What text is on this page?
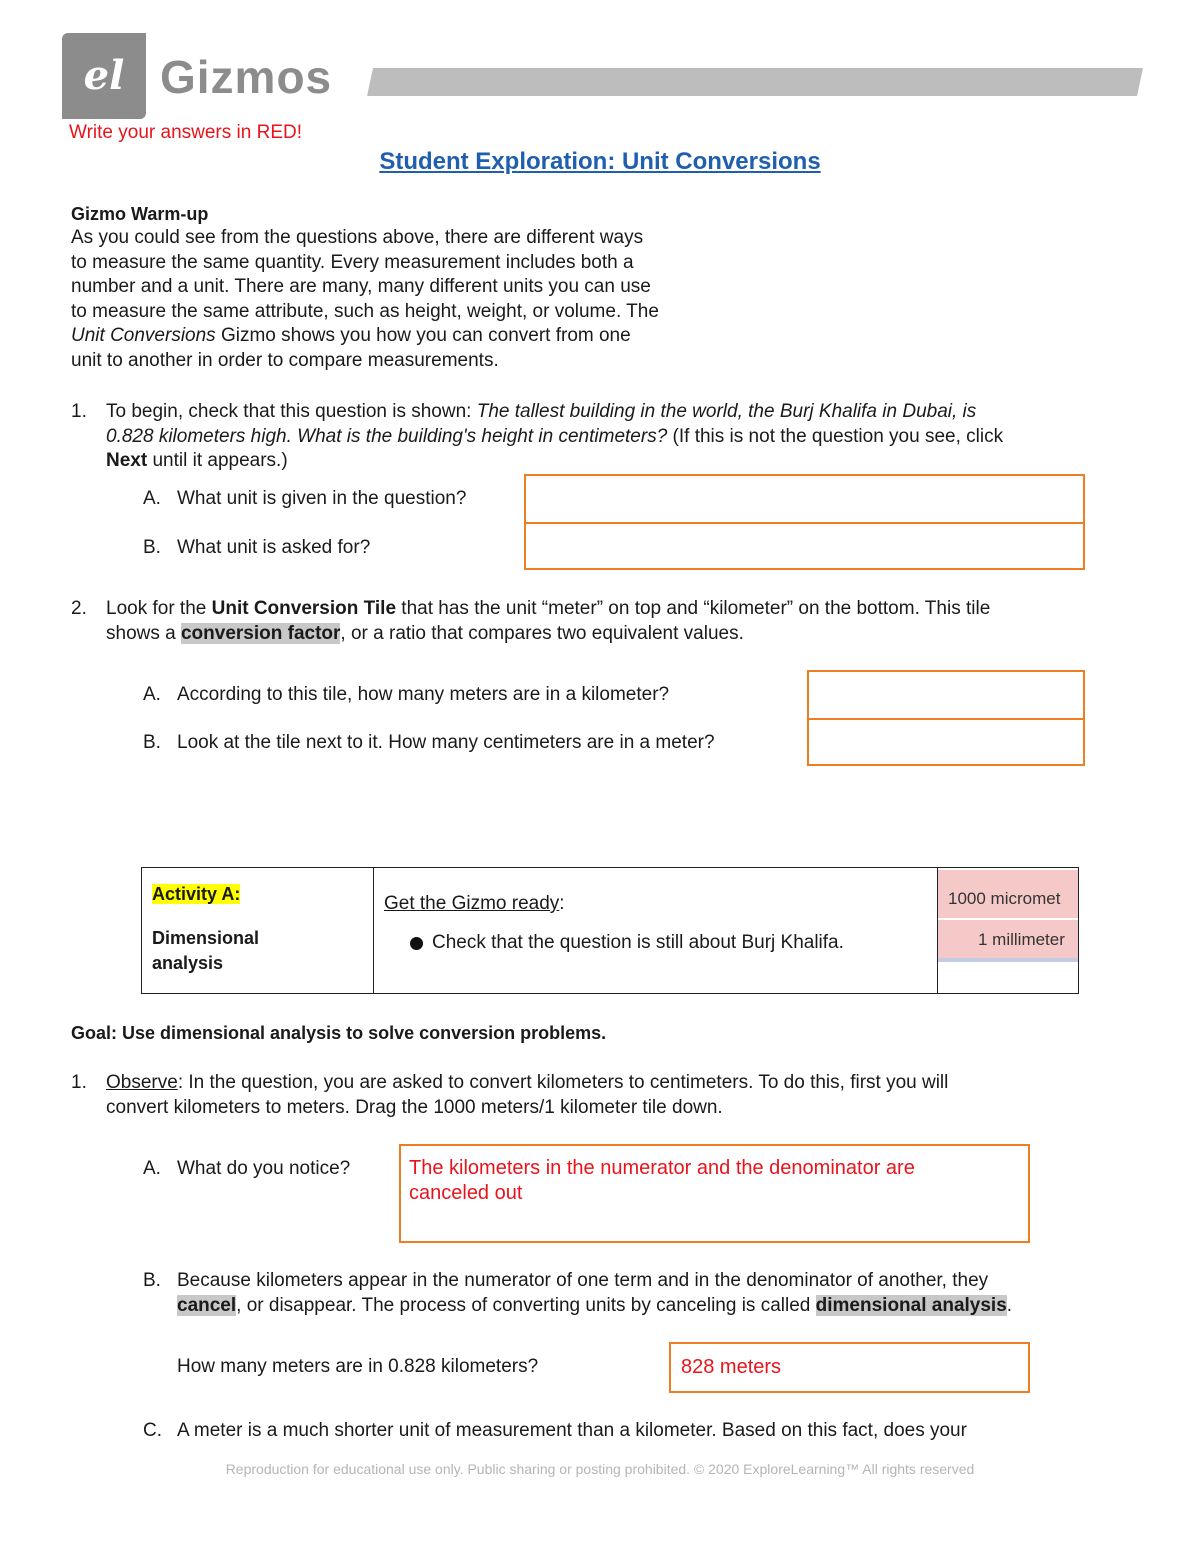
el Gizmos
Write your answers in RED!
Student Exploration: Unit Conversions
Gizmo Warm-up
As you could see from the questions above, there are different ways
to measure the same quantity. Every measurement includes both a
number and a unit. There are many, many different units you can use
to measure the same attribute, such as height, weight, or volume. The
Unit Conversions Gizmo shows you how you can convert from one
unit to another in order to compare measurements.
1. To begin, check that this question is shown: The tallest building in the world, the Burj Khalifa in Dubai, is
0.828 kilometers high. What is the building's height in centimeters? (If this is not the question you see, click
Next until it appears.)
A. What unit is given in the question?
B. What unit is asked for?
2. Look for the Unit Conversion Tile that has the unit “meter” on top and “kilometer” on the bottom. This tile
shows a conversion factor, or a ratio that compares two equivalent values.
A. According to this tile, how many meters are in a kilometer?
B. Look at the tile next to it. How many centimeters are in a meter?
Activity A:
Dimensional
analysis

Get the Gizmo ready:
Check that the question is still about Burj Khalifa.

1000 micromet
1 millimeter
Goal: Use dimensional analysis to solve conversion problems.
1. Observe: In the question, you are asked to convert kilometers to centimeters. To do this, first you will
convert kilometers to meters. Drag the 1000 meters/1 kilometer tile down.
A. What do you notice?	The kilometers in the numerator and the denominator are
canceled out
B. Because kilometers appear in the numerator of one term and in the denominator of another, they
cancel, or disappear. The process of converting units by canceling is called dimensional analysis.
How many meters are in 0.828 kilometers?	828 meters
C. A meter is a much shorter unit of measurement than a kilometer. Based on this fact, does your
Reproduction for educational use only. Public sharing or posting prohibited. © 2020 ExploreLearning™ All rights reserved
